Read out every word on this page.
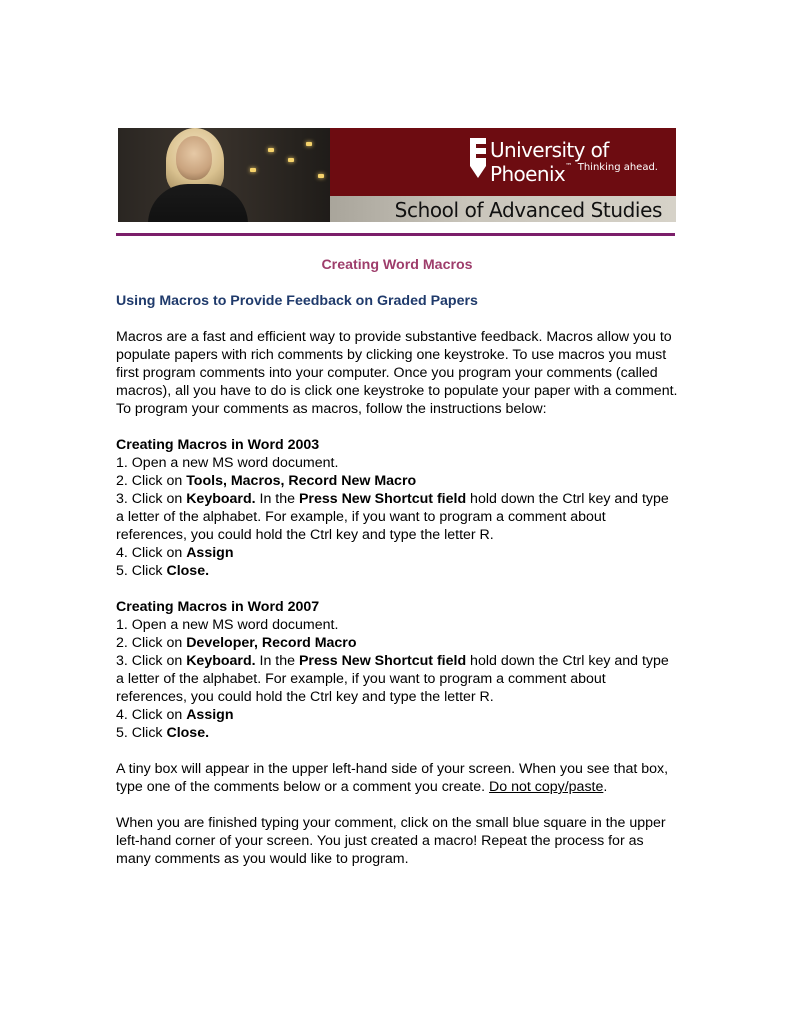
University of Phoenix™ Thinking ahead.
School of Advanced Studies
Creating Word Macros
Using Macros to Provide Feedback on Graded Papers

Macros are a fast and efficient way to provide substantive feedback. Macros allow you to populate papers with rich comments by clicking one keystroke. To use macros you must first program comments into your computer. Once you program your comments (called macros), all you have to do is click one keystroke to populate your paper with a comment. To program your comments as macros, follow the instructions below:

Creating Macros in Word 2003

1. Open a new MS word document.

2. Click on Tools, Macros, Record New Macro

3. Click on Keyboard. In the Press New Shortcut field hold down the Ctrl key and type a letter of the alphabet. For example, if you want to program a comment about references, you could hold the Ctrl key and type the letter R.

4. Click on Assign

5. Click Close.

Creating Macros in Word 2007

1. Open a new MS word document.

2. Click on Developer, Record Macro

3. Click on Keyboard. In the Press New Shortcut field hold down the Ctrl key and type a letter of the alphabet. For example, if you want to program a comment about references, you could hold the Ctrl key and type the letter R.

4. Click on Assign

5. Click Close.

A tiny box will appear in the upper left-hand side of your screen. When you see that box, type one of the comments below or a comment you create. Do not copy/paste.

When you are finished typing your comment, click on the small blue square in the upper left-hand corner of your screen. You just created a macro! Repeat the process for as many comments as you would like to program.
